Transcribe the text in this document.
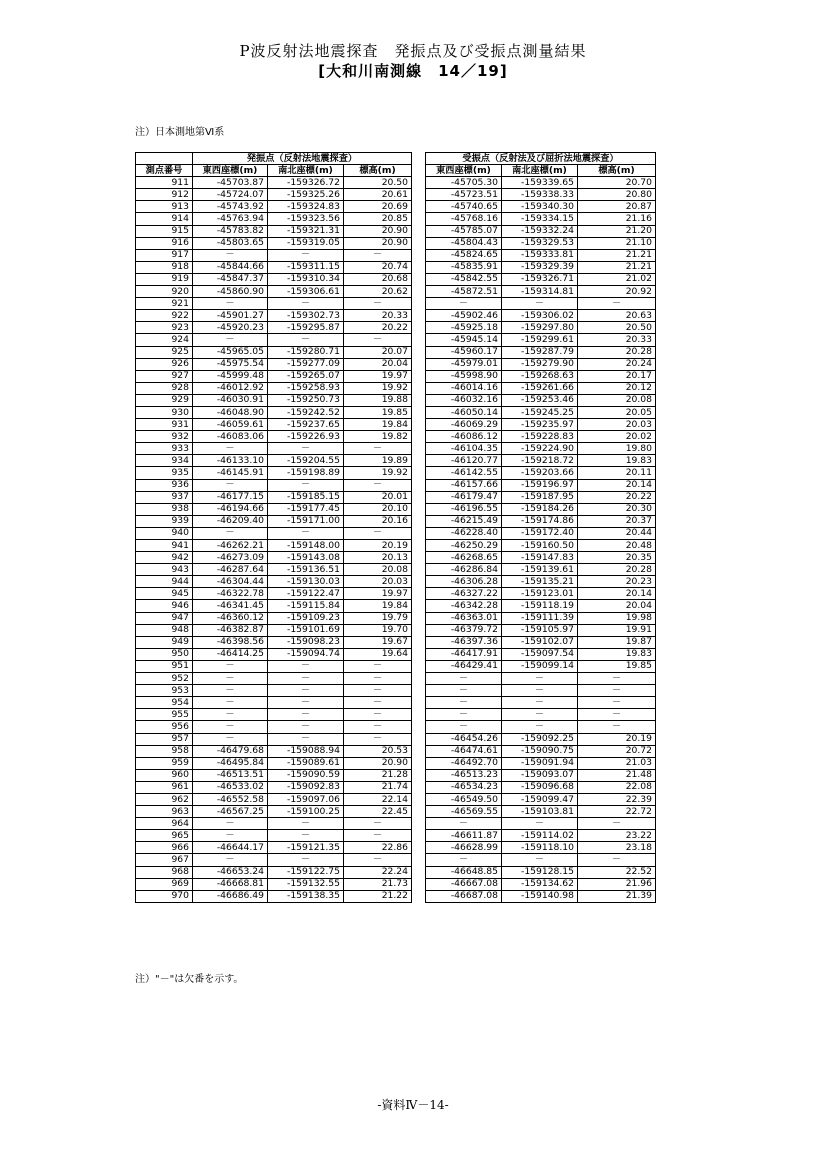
P波反射法地震探査　発振点及び受振点測量結果
[大和川南測線　14／19]
注）日本測地第Ⅵ系
	発振点（反射法地震探査）				受振点（反射法及び屈折法地震探査）		
測点番号	東西座標(m)	南北座標(m)	標高(m)		東西座標(m)	南北座標(m)	標高(m)
911	-45703.87	-159326.72	20.50		-45705.30	-159339.65	20.70
912	-45724.07	-159325.26	20.61		-45723.51	-159338.33	20.80
913	-45743.92	-159324.83	20.69		-45740.65	-159340.30	20.87
914	-45763.94	-159323.56	20.85		-45768.16	-159334.15	21.16
915	-45783.82	-159321.31	20.90		-45785.07	-159332.24	21.20
916	-45803.65	-159319.05	20.90		-45804.43	-159329.53	21.10
917	－	－	－		-45824.65	-159333.81	21.21
918	-45844.66	-159311.15	20.74		-45835.91	-159329.39	21.21
919	-45847.37	-159310.34	20.68		-45842.55	-159326.71	21.02
920	-45860.90	-159306.61	20.62		-45872.51	-159314.81	20.92
921	－	－	－		－	－	－
922	-45901.27	-159302.73	20.33		-45902.46	-159306.02	20.63
923	-45920.23	-159295.87	20.22		-45925.18	-159297.80	20.50
924	－	－	－		-45945.14	-159299.61	20.33
925	-45965.05	-159280.71	20.07		-45960.17	-159287.79	20.28
926	-45975.54	-159277.09	20.04		-45979.01	-159279.90	20.24
927	-45999.48	-159265.07	19.97		-45998.90	-159268.63	20.17
928	-46012.92	-159258.93	19.92		-46014.16	-159261.66	20.12
929	-46030.91	-159250.73	19.88		-46032.16	-159253.46	20.08
930	-46048.90	-159242.52	19.85		-46050.14	-159245.25	20.05
931	-46059.61	-159237.65	19.84		-46069.29	-159235.97	20.03
932	-46083.06	-159226.93	19.82		-46086.12	-159228.83	20.02
933	－	－	－		-46104.35	-159224.90	19.80
934	-46133.10	-159204.55	19.89		-46120.77	-159218.72	19.83
935	-46145.91	-159198.89	19.92		-46142.55	-159203.66	20.11
936	－	－	－		-46157.66	-159196.97	20.14
937	-46177.15	-159185.15	20.01		-46179.47	-159187.95	20.22
938	-46194.66	-159177.45	20.10		-46196.55	-159184.26	20.30
939	-46209.40	-159171.00	20.16		-46215.49	-159174.86	20.37
940	－	－	－		-46228.40	-159172.40	20.44
941	-46262.21	-159148.00	20.19		-46250.29	-159160.50	20.48
942	-46273.09	-159143.08	20.13		-46268.65	-159147.83	20.35
943	-46287.64	-159136.51	20.08		-46286.84	-159139.61	20.28
944	-46304.44	-159130.03	20.03		-46306.28	-159135.21	20.23
945	-46322.78	-159122.47	19.97		-46327.22	-159123.01	20.14
946	-46341.45	-159115.84	19.84		-46342.28	-159118.19	20.04
947	-46360.12	-159109.23	19.79		-46363.01	-159111.39	19.98
948	-46382.87	-159101.69	19.70		-46379.72	-159105.97	19.91
949	-46398.56	-159098.23	19.67		-46397.36	-159102.07	19.87
950	-46414.25	-159094.74	19.64		-46417.91	-159097.54	19.83
951	－	－	－		-46429.41	-159099.14	19.85
952	－	－	－		－	－	－
953	－	－	－		－	－	－
954	－	－	－		－	－	－
955	－	－	－		－	－	－
956	－	－	－		－	－	－
957	－	－	－		-46454.26	-159092.25	20.19
958	-46479.68	-159088.94	20.53		-46474.61	-159090.75	20.72
959	-46495.84	-159089.61	20.90		-46492.70	-159091.94	21.03
960	-46513.51	-159090.59	21.28		-46513.23	-159093.07	21.48
961	-46533.02	-159092.83	21.74		-46534.23	-159096.68	22.08
962	-46552.58	-159097.06	22.14		-46549.50	-159099.47	22.39
963	-46567.25	-159100.25	22.45		-46569.55	-159103.81	22.72
964	－	－	－		－	－	－
965	－	－	－		-46611.87	-159114.02	23.22
966	-46644.17	-159121.35	22.86		-46628.99	-159118.10	23.18
967	－	－	－		－	－	－
968	-46653.24	-159122.75	22.24		-46648.85	-159128.15	22.52
969	-46668.81	-159132.55	21.73		-46667.08	-159134.62	21.96
970	-46686.49	-159138.35	21.22		-46687.08	-159140.98	21.39
注）"－"は欠番を示す。
-資料Ⅳ－14-
